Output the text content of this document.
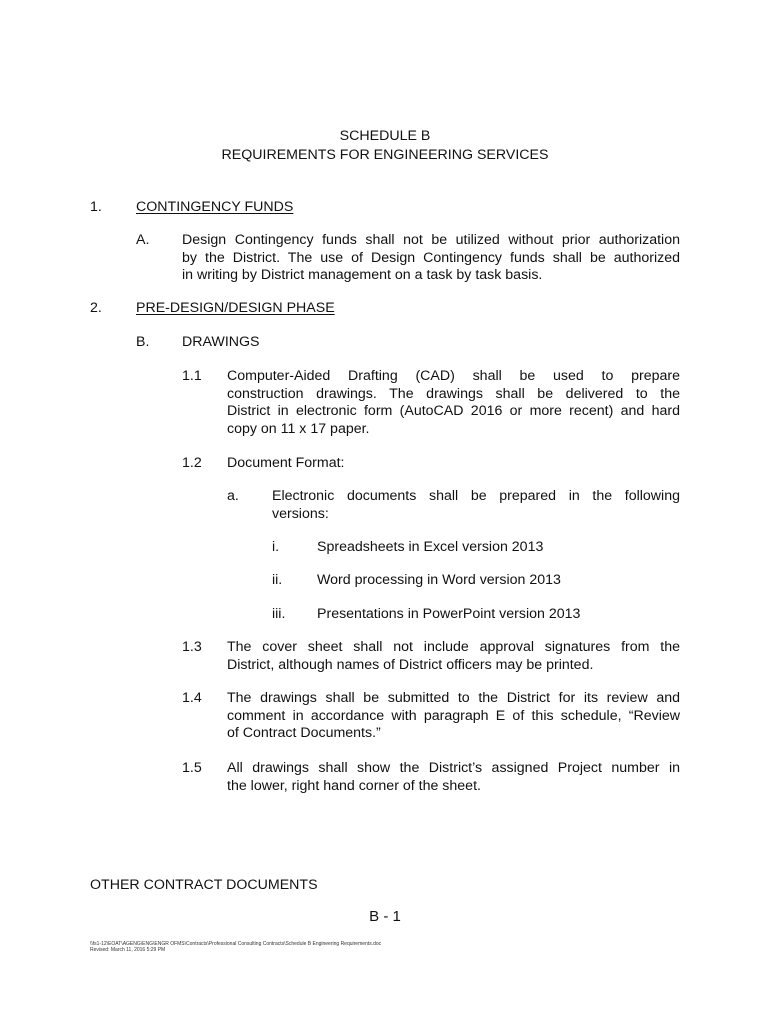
SCHEDULE B
REQUIREMENTS FOR ENGINEERING SERVICES
1. CONTINGENCY FUNDS
A. Design Contingency funds shall not be utilized without prior authorization
by the District. The use of Design Contingency funds shall be authorized
in writing by District management on a task by task basis.
2. PRE-DESIGN/DESIGN PHASE
B. DRAWINGS
1.1 Computer-Aided Drafting (CAD) shall be used to prepare
construction drawings. The drawings shall be delivered to the
District in electronic form (AutoCAD 2016 or more recent) and hard
copy on 11 x 17 paper.
1.2 Document Format:
a. Electronic documents shall be prepared in the following
versions:
i.	Spreadsheets in Excel version 2013
ii. Word processing in Word version 2013
iii. Presentations in PowerPoint version 2013
1.3 The cover sheet shall not include approval signatures from the
District, although names of District officers may be printed.
1.4 The drawings shall be submitted to the District for its review and
comment in accordance with paragraph E of this schedule, “Review
of Contract Documents.”
1.5 All drawings shall show the District’s assigned Project number in
the lower, right hand corner of the sheet.
OTHER CONTRACT DOCUMENTS
B - 1
\\fs1-12\EOAT\AGENG\ENG\ENGR OFMS\Contracts\Professional Consulting Contracts\Schedule B Engineering Requirements.doc
Revised: March 11, 2016 5:29 PM
